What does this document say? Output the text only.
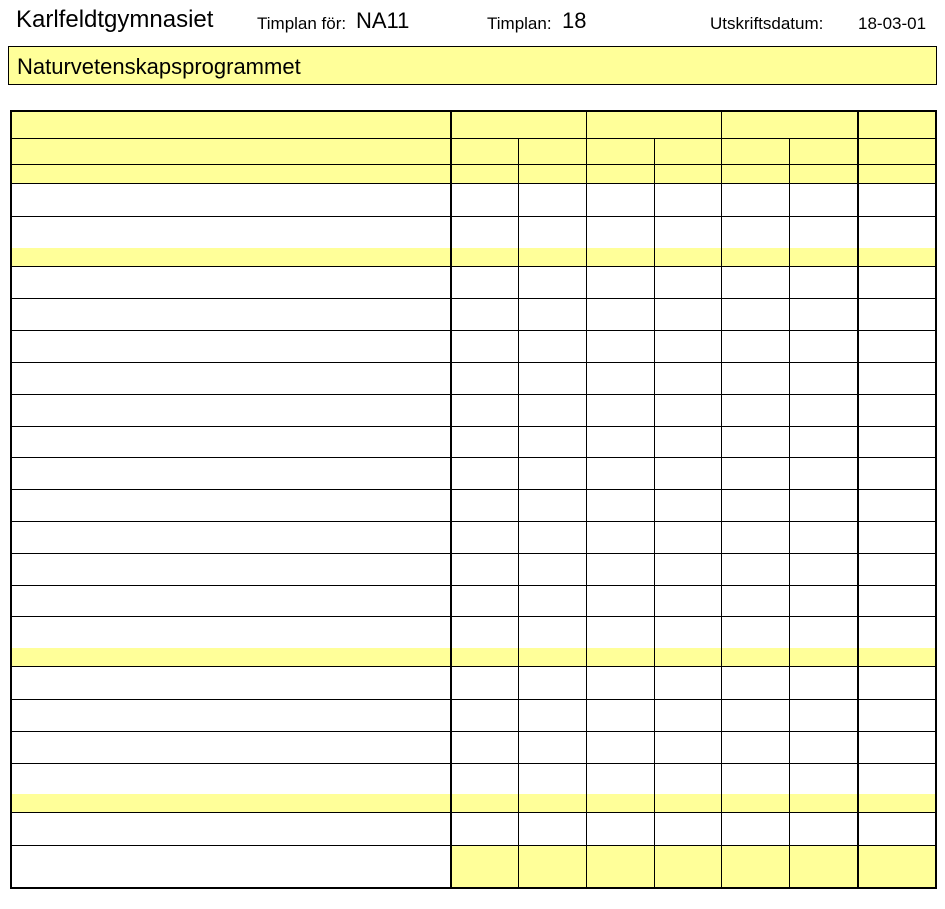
Karlfeldtgymnasiet	Timplan för: NA11	Timplan: 18	Utskriftsdatum: 18-03-01
Naturvetenskapsprogrammet
